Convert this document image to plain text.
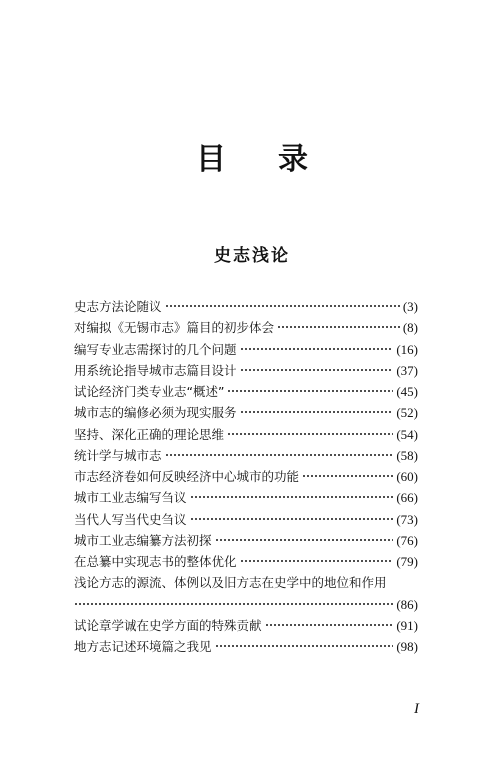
目录
史志浅论
史志方法论随议	(3)
对编拟《无锡市志》篇目的初步体会	(8)
编写专业志需探讨的几个问题	(16)
用系统论指导城市志篇目设计	(37)
试论经济门类专业志“概述”	(45)
城市志的编修必须为现实服务	(52)
坚持、深化正确的理论思维	(54)
统计学与城市志	(58)
市志经济卷如何反映经济中心城市的功能	(60)
城市工业志编写刍议	(66)
当代人写当代史刍议	(73)
城市工业志编纂方法初探	(76)
在总纂中实现志书的整体优化	(79)
浅论方志的源流、体例以及旧方志在史学中的地位和作用
(86)
试论章学诚在史学方面的特殊贡献	(91)
地方志记述环境篇之我见	(98)
I
